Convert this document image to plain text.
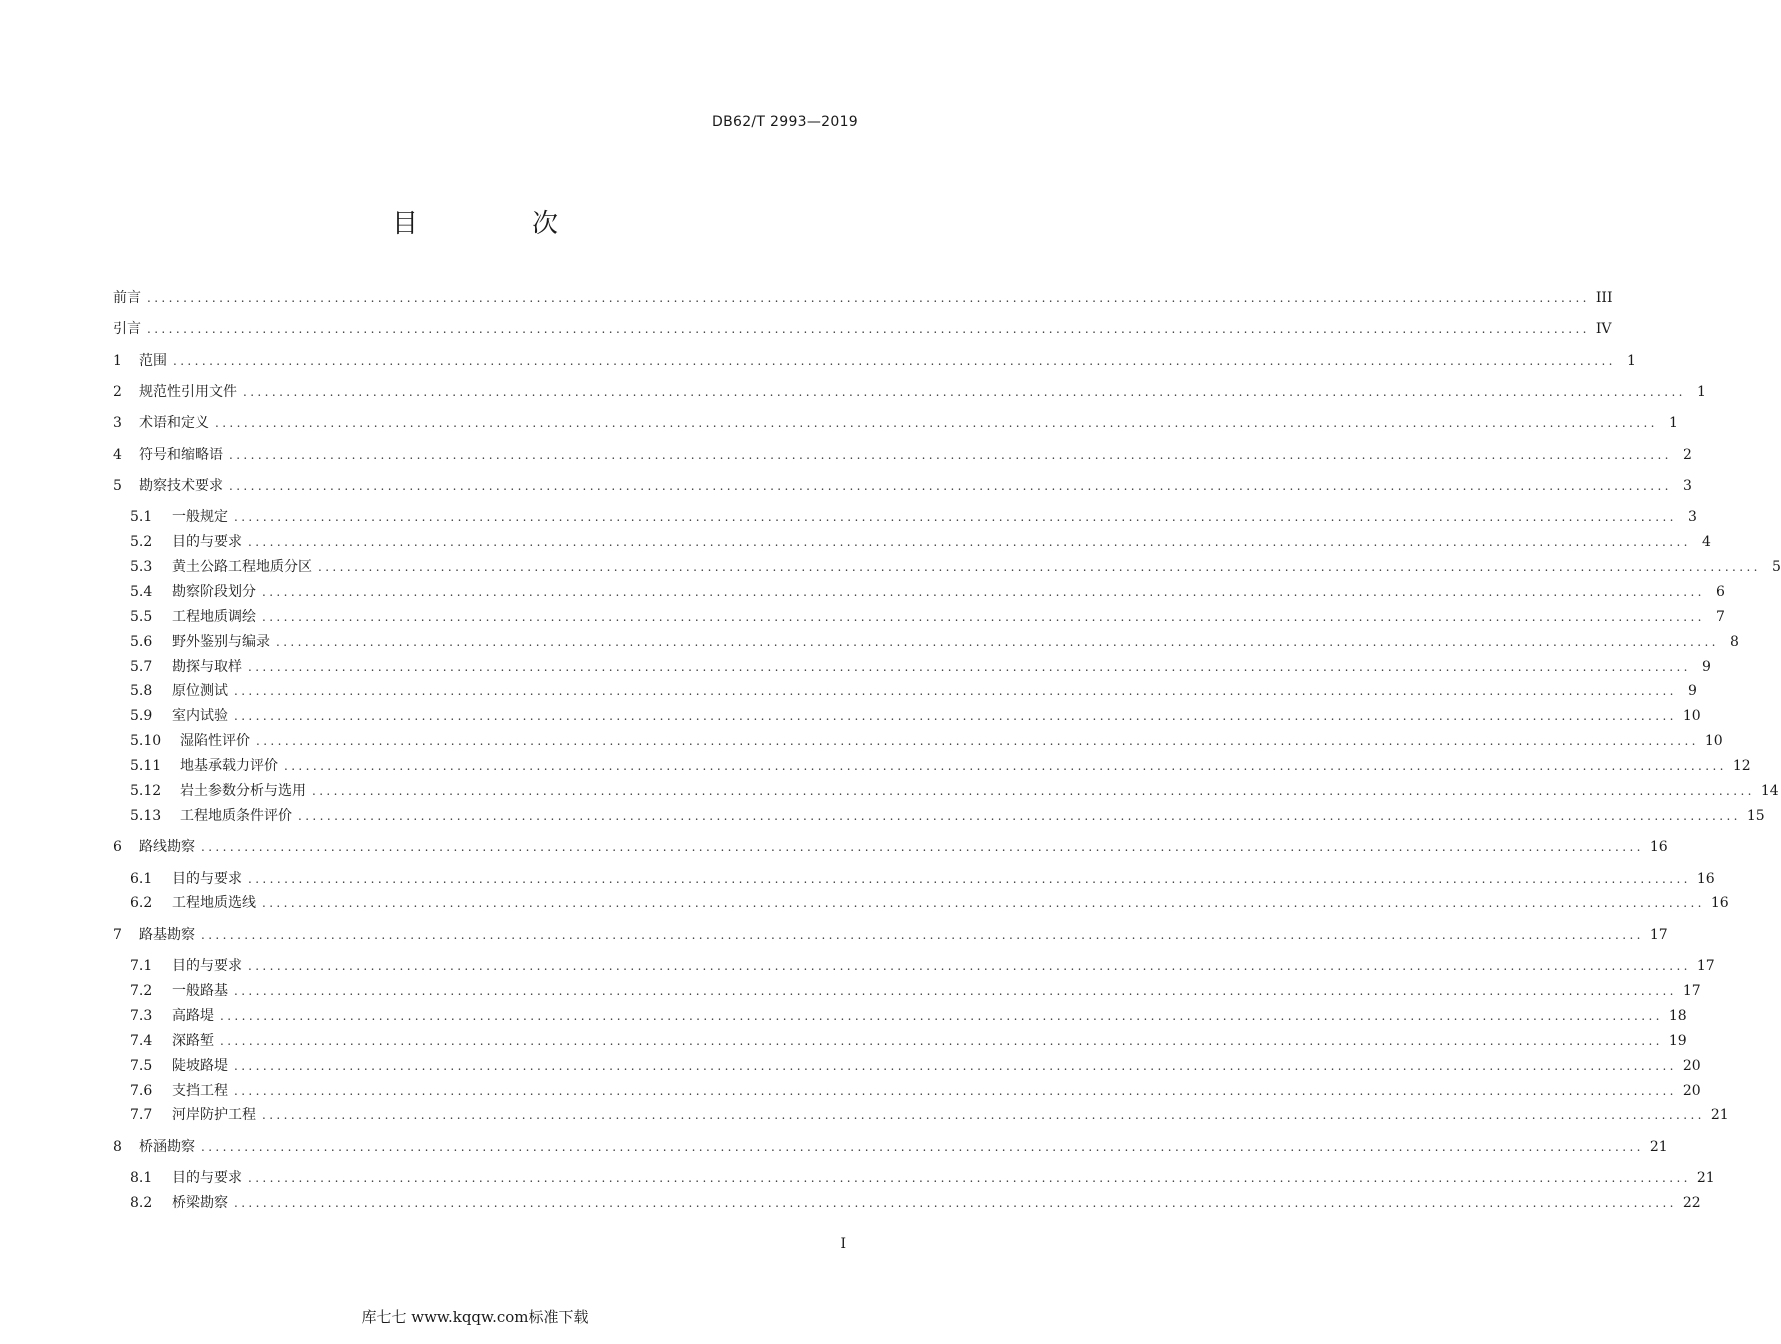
DB62/T 2993—2019
目　次
前言 ........................................................................................................................................................................................................ III
引言 ........................................................................................................................................................................................................ IV
1 范围 ........................................................................................................................................................................................................ 1
2 规范性引用文件 ........................................................................................................................................................................................................ 1
3 术语和定义 ........................................................................................................................................................................................................ 1
4 符号和缩略语 ........................................................................................................................................................................................................ 2
5 勘察技术要求 ........................................................................................................................................................................................................ 3
5.1 一般规定 ........................................................................................................................................................................................................ 3
5.2 目的与要求 ........................................................................................................................................................................................................ 4
5.3 黄土公路工程地质分区 ........................................................................................................................................................................................................ 5
5.4 勘察阶段划分 ........................................................................................................................................................................................................ 6
5.5 工程地质调绘 ........................................................................................................................................................................................................ 7
5.6 野外鉴别与编录 ........................................................................................................................................................................................................ 8
5.7 勘探与取样 ........................................................................................................................................................................................................ 9
5.8 原位测试 ........................................................................................................................................................................................................ 9
5.9 室内试验 ........................................................................................................................................................................................................ 10
5.10 湿陷性评价 ........................................................................................................................................................................................................ 10
5.11 地基承载力评价 ........................................................................................................................................................................................................ 12
5.12 岩土参数分析与选用 ........................................................................................................................................................................................................ 14
5.13 工程地质条件评价 ........................................................................................................................................................................................................ 15
6 路线勘察 ........................................................................................................................................................................................................ 16
6.1 目的与要求 ........................................................................................................................................................................................................ 16
6.2 工程地质选线 ........................................................................................................................................................................................................ 16
7 路基勘察 ........................................................................................................................................................................................................ 17
7.1 目的与要求 ........................................................................................................................................................................................................ 17
7.2 一般路基 ........................................................................................................................................................................................................ 17
7.3 高路堤 ........................................................................................................................................................................................................ 18
7.4 深路堑 ........................................................................................................................................................................................................ 19
7.5 陡坡路堤 ........................................................................................................................................................................................................ 20
7.6 支挡工程 ........................................................................................................................................................................................................ 20
7.7 河岸防护工程 ........................................................................................................................................................................................................ 21
8 桥涵勘察 ........................................................................................................................................................................................................ 21
8.1 目的与要求 ........................................................................................................................................................................................................ 21
8.2 桥梁勘察 ........................................................................................................................................................................................................ 22
I
库七七 www.kqqw.com标准下载
